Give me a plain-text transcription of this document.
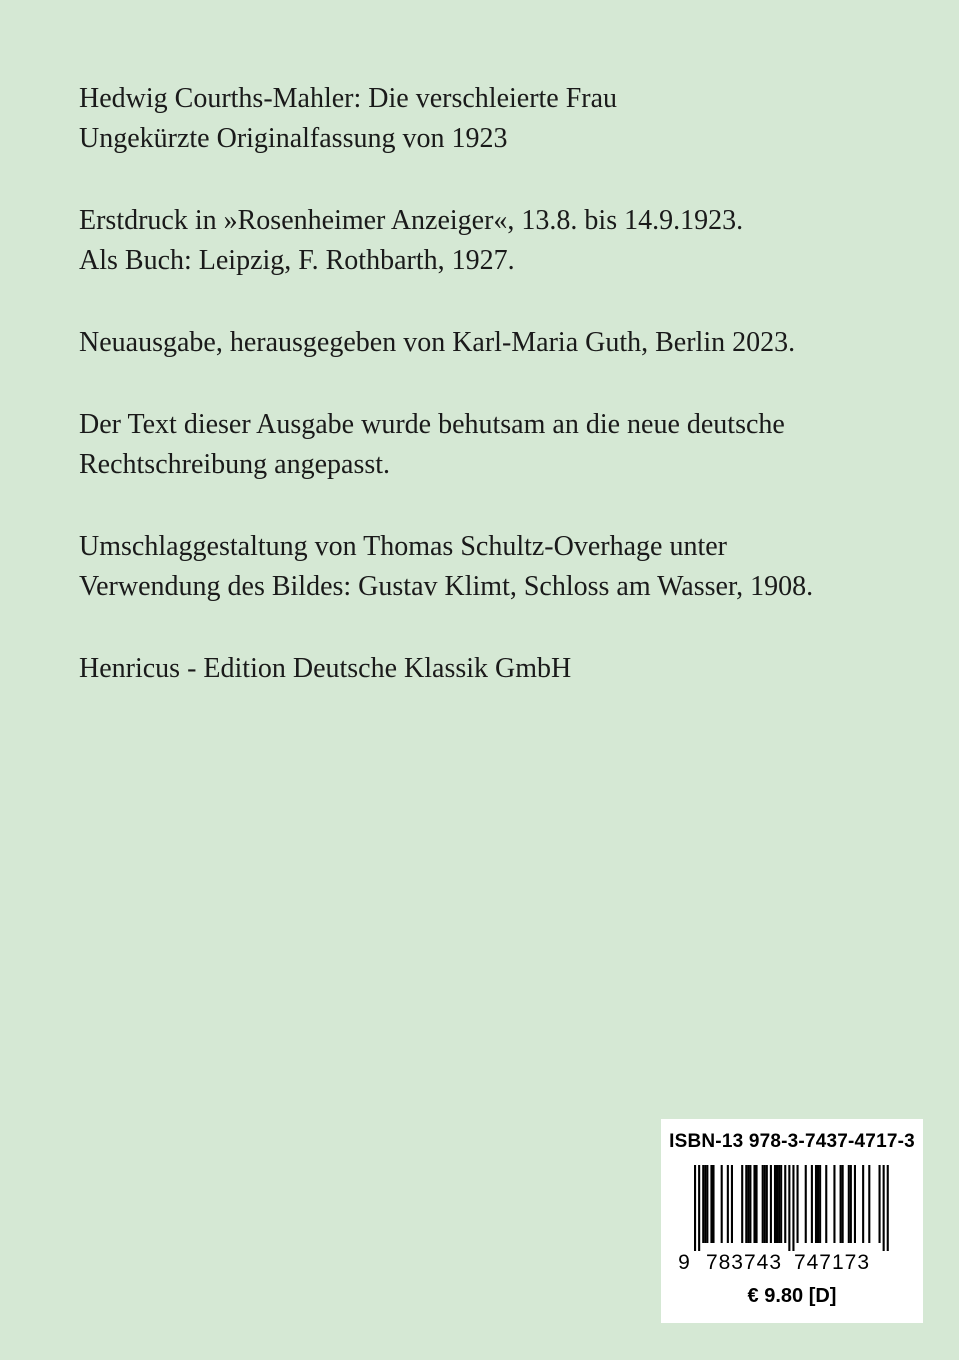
Hedwig Courths-Mahler: Die verschleierte Frau
Ungekürzte Originalfassung von 1923

Erstdruck in »Rosenheimer Anzeiger«, 13.8. bis 14.9.1923.
Als Buch: Leipzig, F. Rothbarth, 1927.

Neuausgabe, herausgegeben von Karl-Maria Guth, Berlin 2023.

Der Text dieser Ausgabe wurde behutsam an die neue deutsche
Rechtschreibung angepasst.

Umschlaggestaltung von Thomas Schultz-Overhage unter
Verwendung des Bildes: Gustav Klimt, Schloss am Wasser, 1908.

Henricus - Edition Deutsche Klassik GmbH

ISBN-13 978-3-7437-4717-3
9 783743 747173
€ 9.80 [D]
